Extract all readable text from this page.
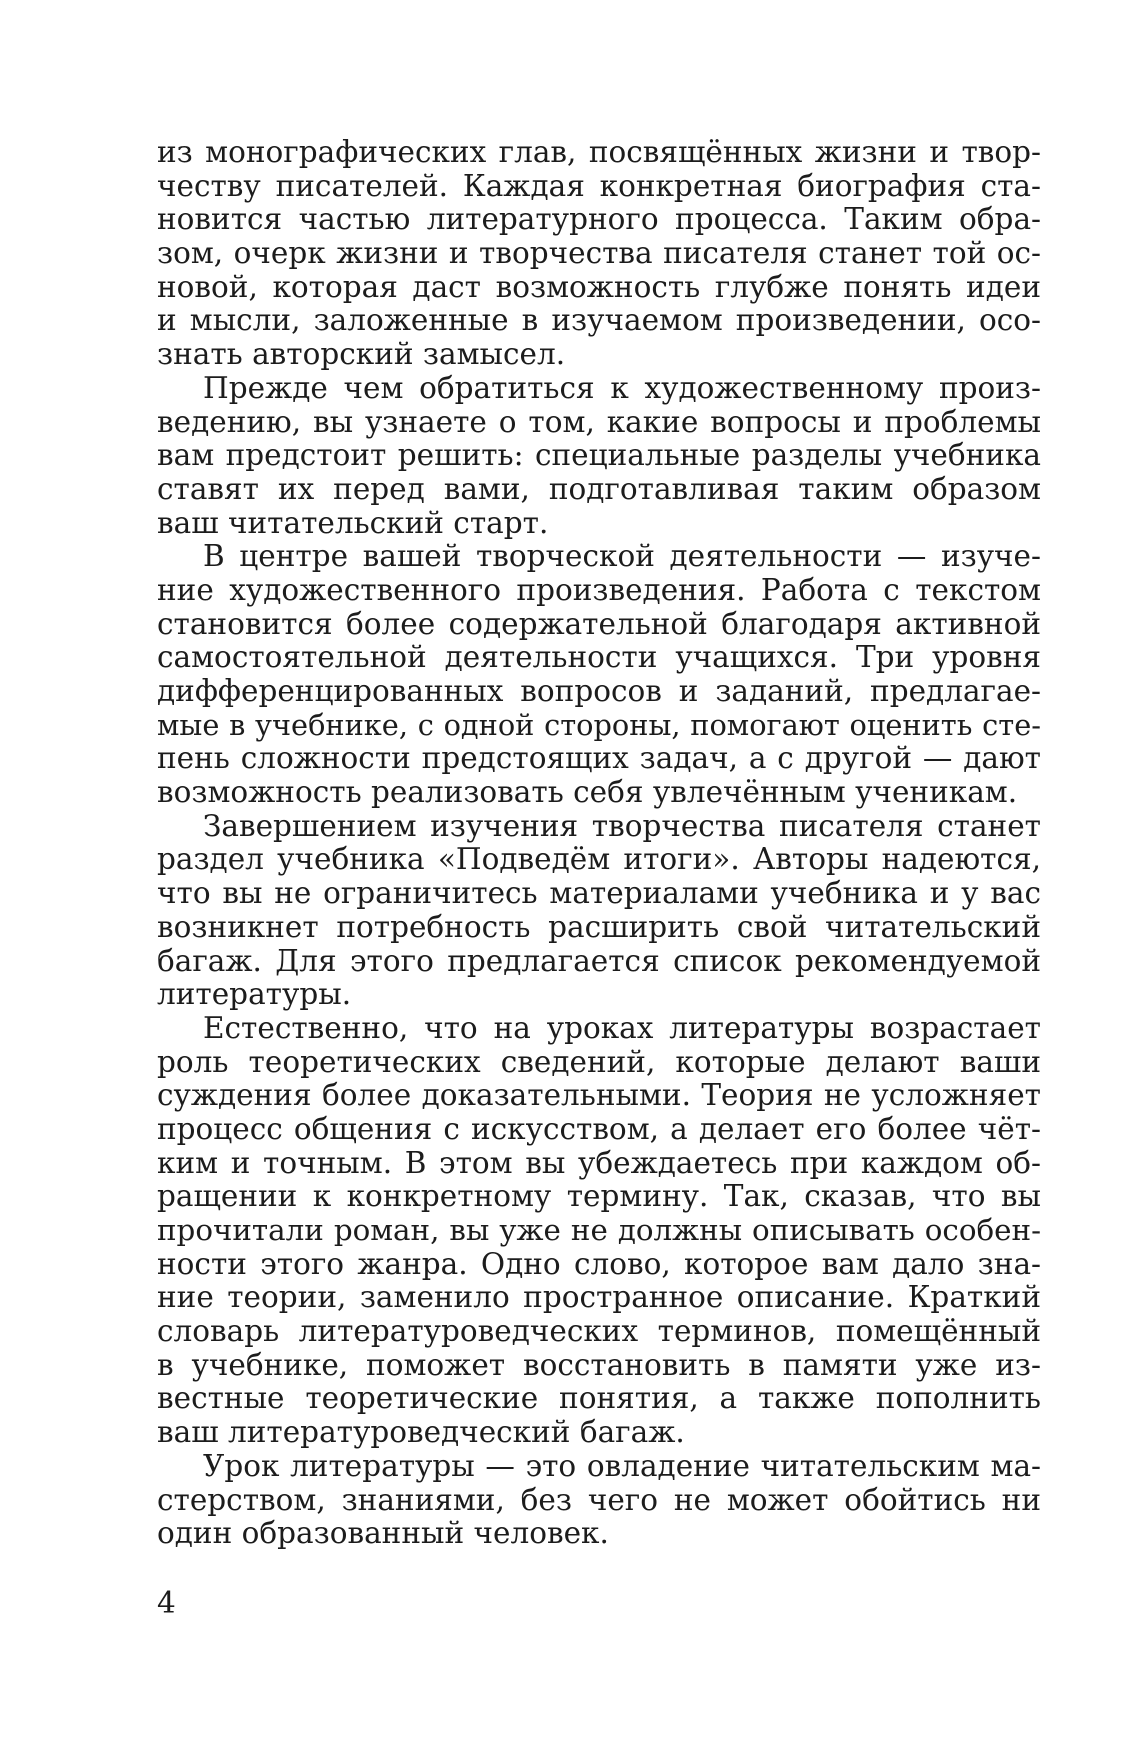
из монографических глав, посвящённых жизни и твор-
честву писателей. Каждая конкретная биография ста-
новится частью литературного процесса. Таким обра-
зом, очерк жизни и творчества писателя станет той ос-
новой, которая даст возможность глубже понять идеи
и мысли, заложенные в изучаемом произведении, осо-
знать авторский замысел.
Прежде чем обратиться к художественному произ-
ведению, вы узнаете о том, какие вопросы и проблемы
вам предстоит решить: специальные разделы учебника
ставят их перед вами, подготавливая таким образом
ваш читательский старт.
В центре вашей творческой деятельности — изуче-
ние художественного произведения. Работа с текстом
становится более содержательной благодаря активной
самостоятельной деятельности учащихся. Три уровня
дифференцированных вопросов и заданий, предлагае-
мые в учебнике, с одной стороны, помогают оценить сте-
пень сложности предстоящих задач, а с другой — дают
возможность реализовать себя увлечённым ученикам.
Завершением изучения творчества писателя станет
раздел учебника «Подведём итоги». Авторы надеются,
что вы не ограничитесь материалами учебника и у вас
возникнет потребность расширить свой читательский
багаж. Для этого предлагается список рекомендуемой
литературы.
Естественно, что на уроках литературы возрастает
роль теоретических сведений, которые делают ваши
суждения более доказательными. Теория не усложняет
процесс общения с искусством, а делает его более чёт-
ким и точным. В этом вы убеждаетесь при каждом об-
ращении к конкретному термину. Так, сказав, что вы
прочитали роман, вы уже не должны описывать особен-
ности этого жанра. Одно слово, которое вам дало зна-
ние теории, заменило пространное описание. Краткий
словарь литературоведческих терминов, помещённый
в учебнике, поможет восстановить в памяти уже из-
вестные теоретические понятия, а также пополнить
ваш литературоведческий багаж.
Урок литературы — это овладение читательским ма-
стерством, знаниями, без чего не может обойтись ни
один образованный человек.
4
